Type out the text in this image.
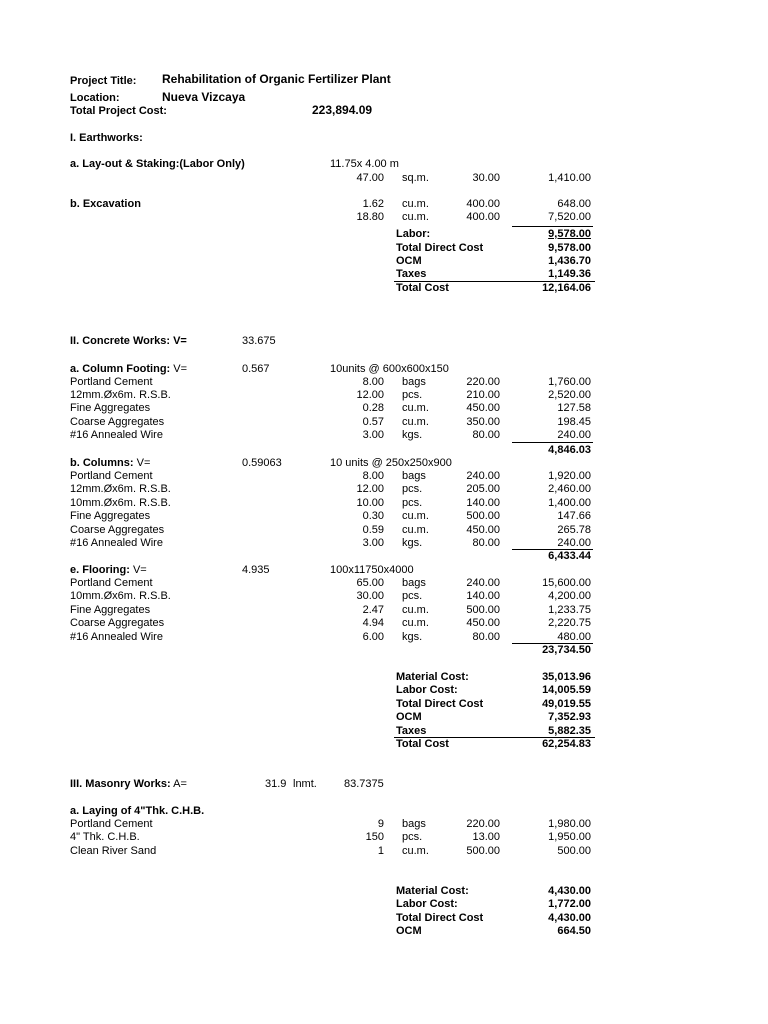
Project Title: Rehabilitation of Organic Fertilizer Plant
Location:	Nueva Vizcaya
Total Project Cost:	223,894.09
I. Earthworks:
a. Lay-out & Staking:(Labor Only)	11.75x 4.00 m
47.00 sq.m.	30.00	1,410.00
b. Excavation	1.62 cu.m.	400.00	648.00
18.80 cu.m.	400.00	7,520.00
Labor:	9,578.00
Total Direct Cost	9,578.00
OCM	1,436.70
Taxes	1,149.36
Total Cost	12,164.06
II. Concrete Works: V=	33.675
a. Column Footing: V=	0.567	10units @ 600x600x150
Portland Cement	8.00 bags	220.00	1,760.00
12mm.Øx6m. R.S.B.	12.00 pcs.	210.00	2,520.00
Fine Aggregates	0.28 cu.m.	450.00	127.58
Coarse Aggregates	0.57 cu.m.	350.00	198.45
#16 Annealed Wire	3.00 kgs.	80.00	240.00
4,846.03
b. Columns: V=	0.59063	10 units @ 250x250x900
Portland Cement	8.00 bags	240.00	1,920.00
12mm.Øx6m. R.S.B.	12.00 pcs.	205.00	2,460.00
10mm.Øx6m. R.S.B.	10.00 pcs.	140.00	1,400.00
Fine Aggregates	0.30 cu.m.	500.00	147.66
Coarse Aggregates	0.59 cu.m.	450.00	265.78
#16 Annealed Wire	3.00 kgs.	80.00	240.00
6,433.44
e. Flooring: V=	4.935	100x11750x4000
Portland Cement	65.00 bags	240.00	15,600.00
10mm.Øx6m. R.S.B.	30.00 pcs.	140.00	4,200.00
Fine Aggregates	2.47 cu.m.	500.00	1,233.75
Coarse Aggregates	4.94 cu.m.	450.00	2,220.75
#16 Annealed Wire	6.00 kgs.	80.00	480.00
23,734.50
Material Cost:	35,013.96
Labor Cost:	14,005.59
Total Direct Cost	49,019.55
OCM	7,352.93
Taxes	5,882.35
Total Cost	62,254.83
III. Masonry Works: A=	31.9 lnmt. 83.7375
a. Laying of 4"Thk. C.H.B.
Portland Cement	9 bags	220.00	1,980.00
4" Thk. C.H.B.	150 pcs.	13.00	1,950.00
Clean River Sand	1 cu.m.	500.00	500.00
Material Cost:	4,430.00
Labor Cost:	1,772.00
Total Direct Cost	4,430.00
OCM	664.50
